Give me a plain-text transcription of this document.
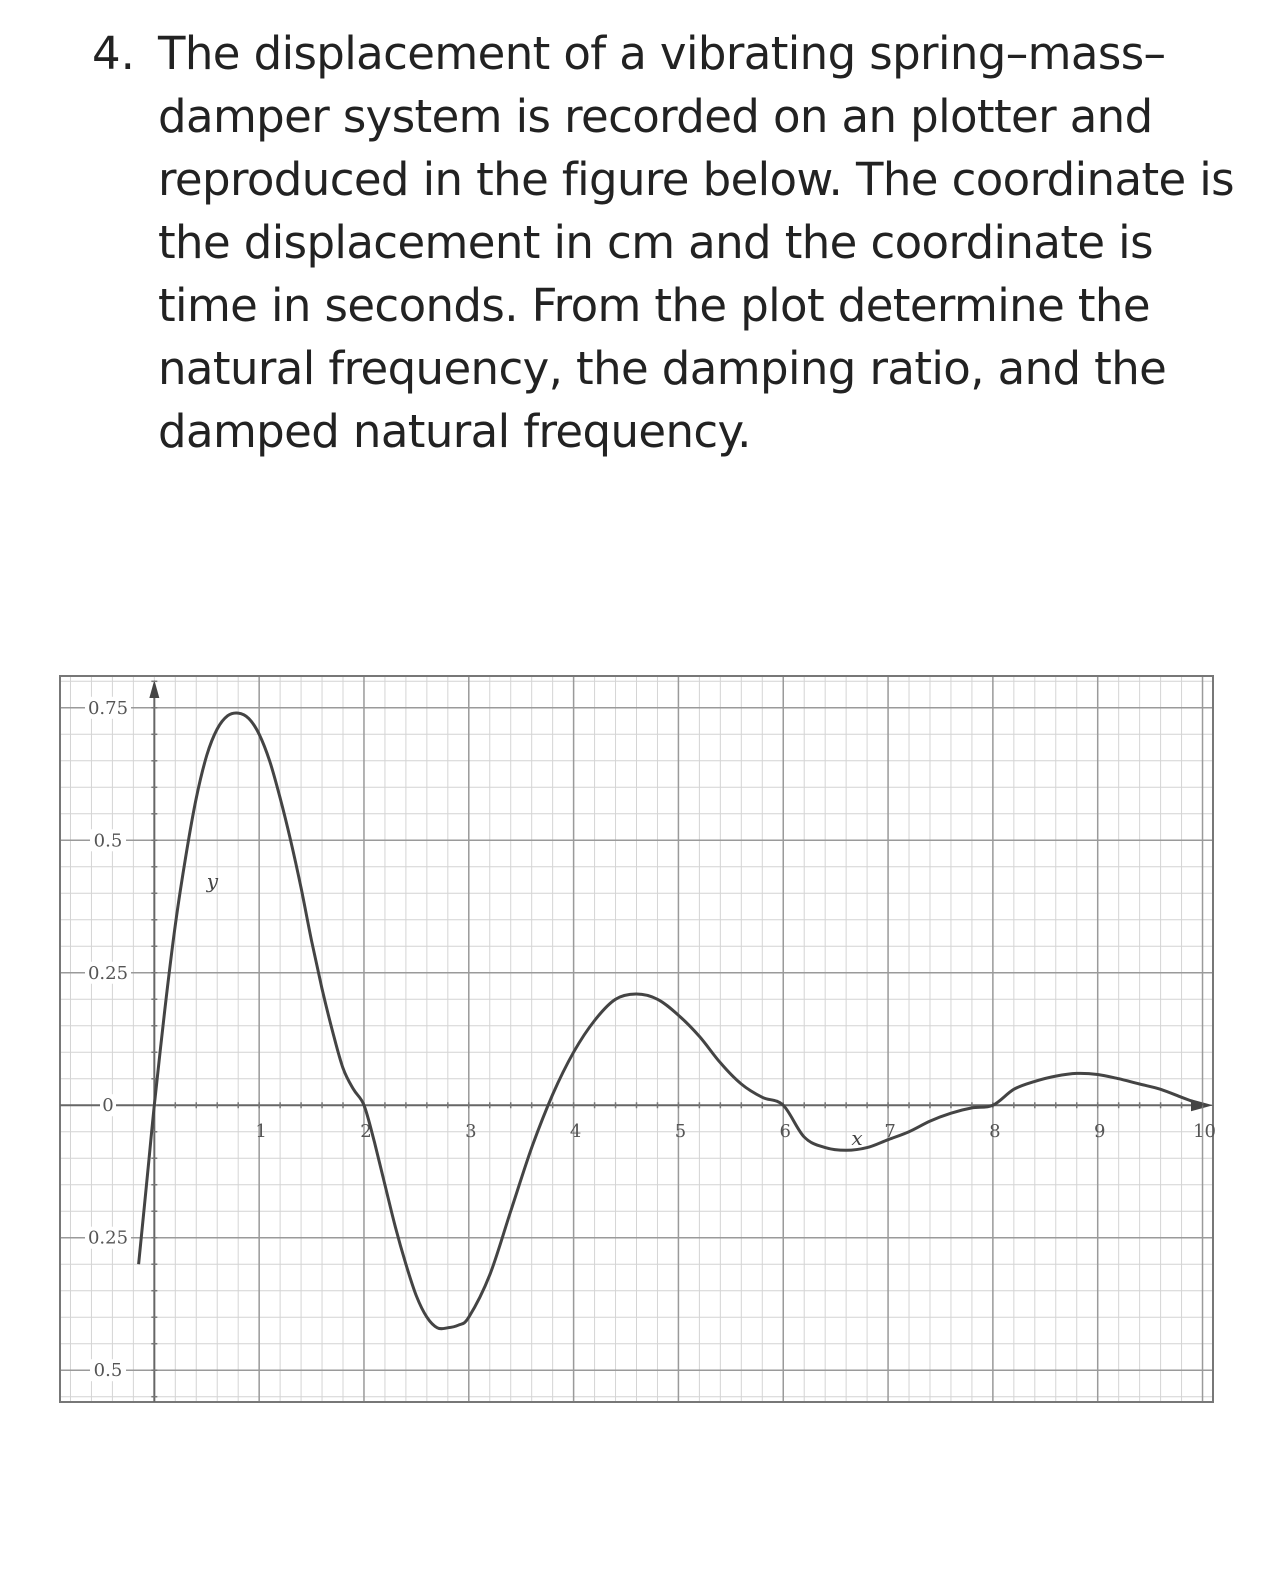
4. The displacement of a vibrating spring–mass–damper system is recorded on an plotter and reproduced in the figure below. The coordinate is the displacement in cm and the coordinate is time in seconds. From the plot determine the natural frequency, the damping ratio, and the damped natural frequency.

0.75
0.5
0.25
0
0.25
0.5
1	2	3	4	5	6	7	8	9	10
x
y
